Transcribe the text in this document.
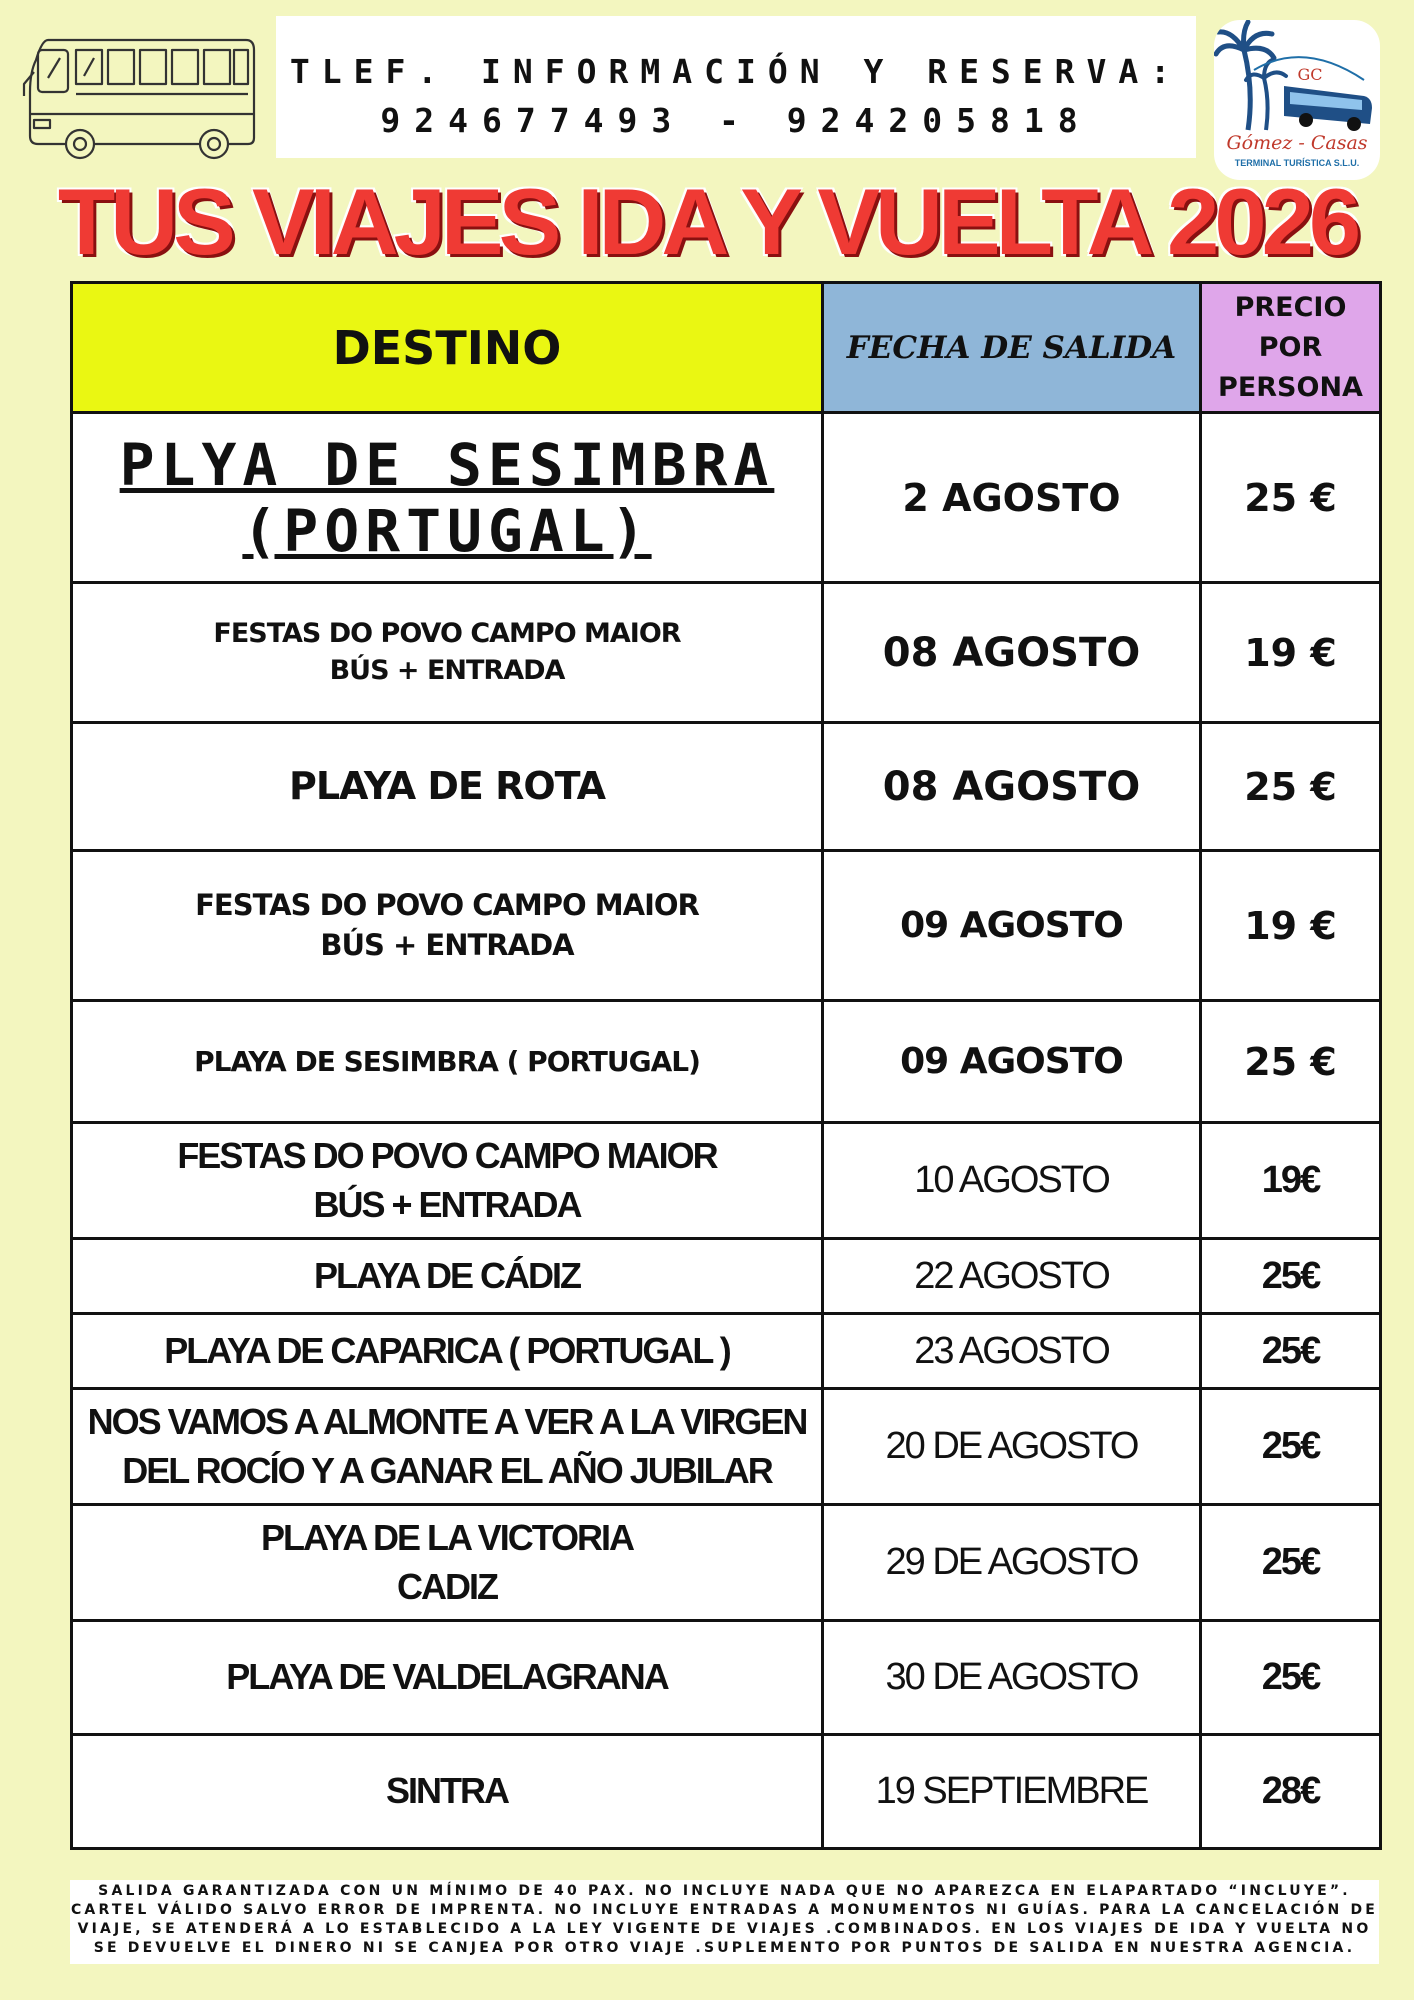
TLEF. INFORMACIÓN Y RESERVA:
924677493 - 924205818
GC
Gómez - Casas
TERMINAL TURÍSTICA S.L.U.
TUS VIAJES IDA Y VUELTA 2026
DESTINO	FECHA DE SALIDA	PRECIO
POR
PERSONA

PLYA DE SESIMBRA
(PORTUGAL)	2 AGOSTO	25 €

FESTAS DO POVO CAMPO MAIOR
BÚS + ENTRADA	08 AGOSTO	19 €

PLAYA DE ROTA	08 AGOSTO	25 €

FESTAS DO POVO CAMPO MAIOR
BÚS + ENTRADA	09 AGOSTO	19 €

PLAYA DE SESIMBRA ( PORTUGAL)	09 AGOSTO	25 €

FESTAS DO POVO CAMPO MAIOR
BÚS + ENTRADA	10 AGOSTO	19€

PLAYA DE CÁDIZ	22 AGOSTO	25€

PLAYA DE CAPARICA ( PORTUGAL )	23 AGOSTO	25€

NOS VAMOS A ALMONTE A VER A LA VIRGEN
DEL ROCÍO Y A GANAR EL AÑO JUBILAR	20 DE AGOSTO	25€

PLAYA DE LA VICTORIA
CADIZ	29 DE AGOSTO	25€

PLAYA DE VALDELAGRANA	30 DE AGOSTO	25€

SINTRA	19 SEPTIEMBRE	28€
SALIDA GARANTIZADA CON UN MÍNIMO DE 40 PAX. NO INCLUYE NADA QUE NO APAREZCA EN ELAPARTADO “INCLUYE”. CARTEL VÁLIDO SALVO ERROR DE IMPRENTA. NO INCLUYE ENTRADAS A MONUMENTOS NI GUÍAS. PARA LA CANCELACIÓN DE VIAJE, SE ATENDERÁ A LO ESTABLECIDO A LA LEY VIGENTE DE VIAJES .COMBINADOS. EN LOS VIAJES DE IDA Y VUELTA NO SE DEVUELVE EL DINERO NI SE CANJEA POR OTRO VIAJE .SUPLEMENTO POR PUNTOS DE SALIDA EN NUESTRA AGENCIA.
